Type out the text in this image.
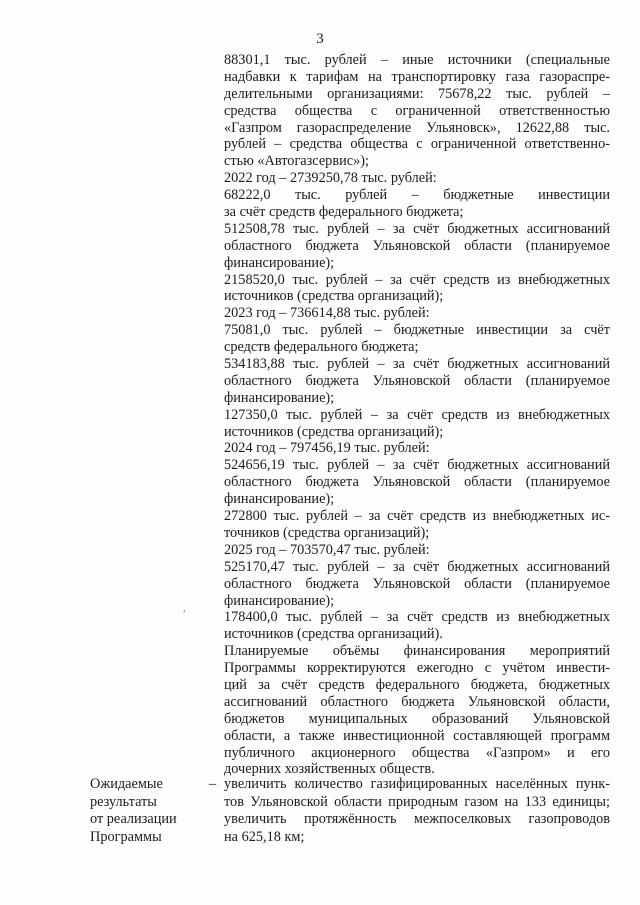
3
88301,1 тыс. рублей – иные источники (специальные
надбавки к тарифам на транспортировку газа газораспре-
делительными организациями: 75678,22 тыс. рублей –
средства общества с ограниченной ответственностью
«Газпром газораспределение Ульяновск», 12622,88 тыс.
рублей – средства общества с ограниченной ответственно-
стью «Автогазсервис»);
2022 год – 2739250,78 тыс. рублей:
68222,0 тыс. рублей – бюджетные инвестиции
за счёт средств федерального бюджета;
512508,78 тыс. рублей – за счёт бюджетных ассигнований
областного бюджета Ульяновской области (планируемое
финансирование);
2158520,0 тыс. рублей – за счёт средств из внебюджетных
источников (средства организаций);
2023 год – 736614,88 тыс. рублей:
75081,0 тыс. рублей – бюджетные инвестиции за счёт
средств федерального бюджета;
534183,88 тыс. рублей – за счёт бюджетных ассигнований
областного бюджета Ульяновской области (планируемое
финансирование);
127350,0 тыс. рублей – за счёт средств из внебюджетных
источников (средства организаций);
2024 год – 797456,19 тыс. рублей:
524656,19 тыс. рублей – за счёт бюджетных ассигнований
областного бюджета Ульяновской области (планируемое
финансирование);
272800 тыс. рублей – за счёт средств из внебюджетных ис-
точников (средства организаций);
2025 год – 703570,47 тыс. рублей:
525170,47 тыс. рублей – за счёт бюджетных ассигнований
областного бюджета Ульяновской области (планируемое
финансирование);
178400,0 тыс. рублей – за счёт средств из внебюджетных
источников (средства организаций).
Планируемые объёмы финансирования мероприятий
Программы корректируются ежегодно с учётом инвести-
ций за счёт средств федерального бюджета, бюджетных
ассигнований областного бюджета Ульяновской области,
бюджетов муниципальных образований Ульяновской
области, а также инвестиционной составляющей программ
публичного акционерного общества «Газпром» и его
дочерних хозяйственных обществ.
,
Ожидаемые
результаты
от реализации
Программы
– увеличить количество газифицированных населённых пунк-
тов Ульяновской области природным газом на 133 единицы;
увеличить протяжённость межпоселковых газопроводов
на 625,18 км;
